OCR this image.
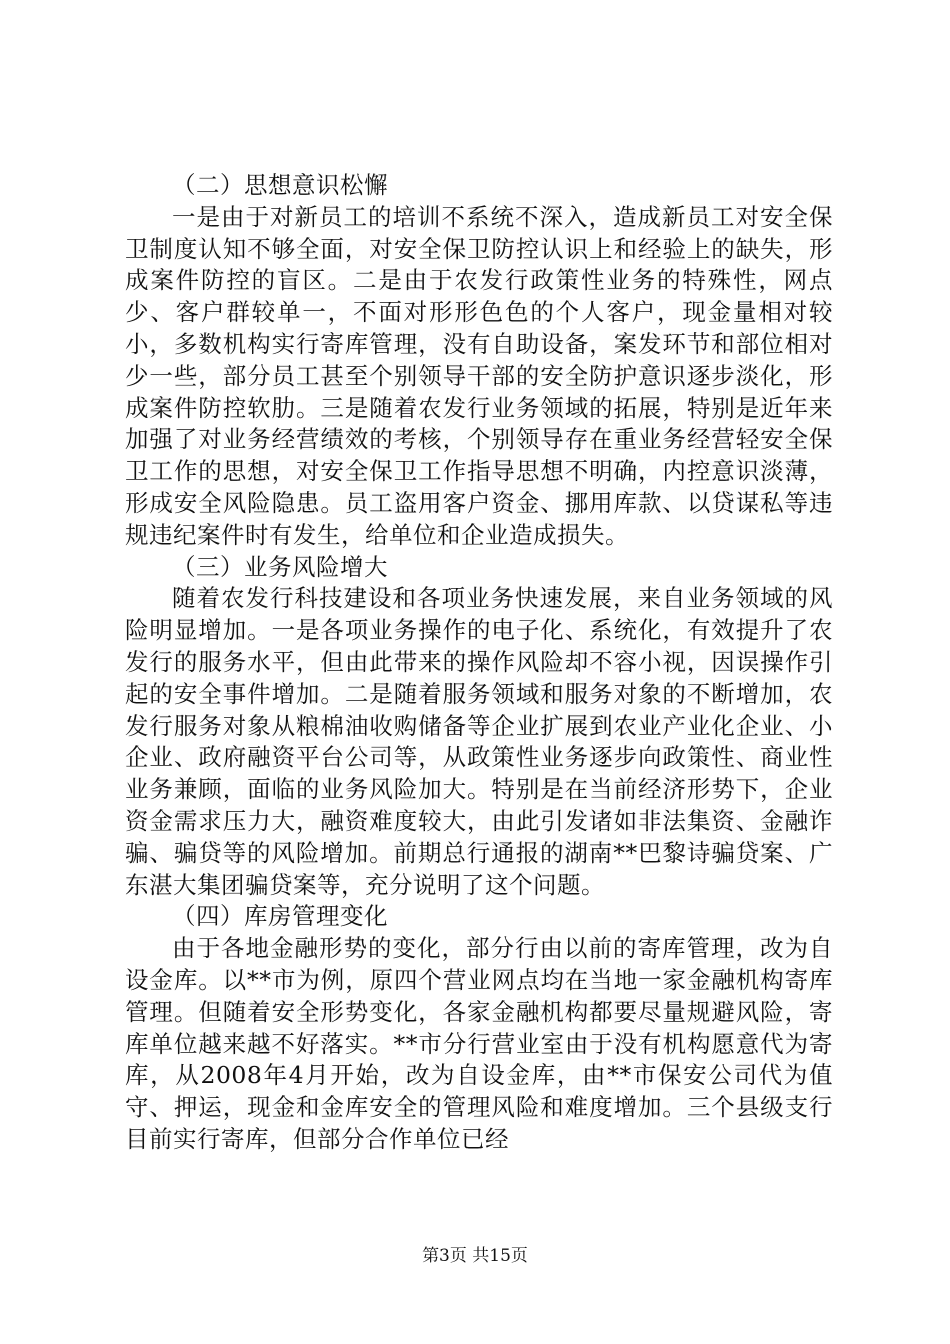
（二）思想意识松懈

一是由于对新员工的培训不系统不深入，造成新员工对安全保卫制度认知不够全面，对安全保卫防控认识上和经验上的缺失，形成案件防控的盲区。二是由于农发行政策性业务的特殊性，网点少、客户群较单一，不面对形形色色的个人客户，现金量相对较小，多数机构实行寄库管理，没有自助设备，案发环节和部位相对少一些，部分员工甚至个别领导干部的安全防护意识逐步淡化，形成案件防控软肋。三是随着农发行业务领域的拓展，特别是近年来加强了对业务经营绩效的考核，个别领导存在重业务经营轻安全保卫工作的思想，对安全保卫工作指导思想不明确，内控意识淡薄，形成安全风险隐患。员工盗用客户资金、挪用库款、以贷谋私等违规违纪案件时有发生，给单位和企业造成损失。

（三）业务风险增大

随着农发行科技建设和各项业务快速发展，来自业务领域的风险明显增加。一是各项业务操作的电子化、系统化，有效提升了农发行的服务水平，但由此带来的操作风险却不容小视，因误操作引起的安全事件增加。二是随着服务领域和服务对象的不断增加，农发行服务对象从粮棉油收购储备等企业扩展到农业产业化企业、小企业、政府融资平台公司等，从政策性业务逐步向政策性、商业性业务兼顾，面临的业务风险加大。特别是在当前经济形势下，企业资金需求压力大，融资难度较大，由此引发诸如非法集资、金融诈骗、骗贷等的风险增加。前期总行通报的湖南**巴黎诗骗贷案、广东湛大集团骗贷案等，充分说明了这个问题。

（四）库房管理变化

由于各地金融形势的变化，部分行由以前的寄库管理，改为自设金库。以**市为例，原四个营业网点均在当地一家金融机构寄库管理。但随着安全形势变化，各家金融机构都要尽量规避风险，寄库单位越来越不好落实。**市分行营业室由于没有机构愿意代为寄库，从2008年4月开始，改为自设金库，由**市保安公司代为值守、押运，现金和金库安全的管理风险和难度增加。三个县级支行目前实行寄库，但部分合作单位已经

第3页 共15页
